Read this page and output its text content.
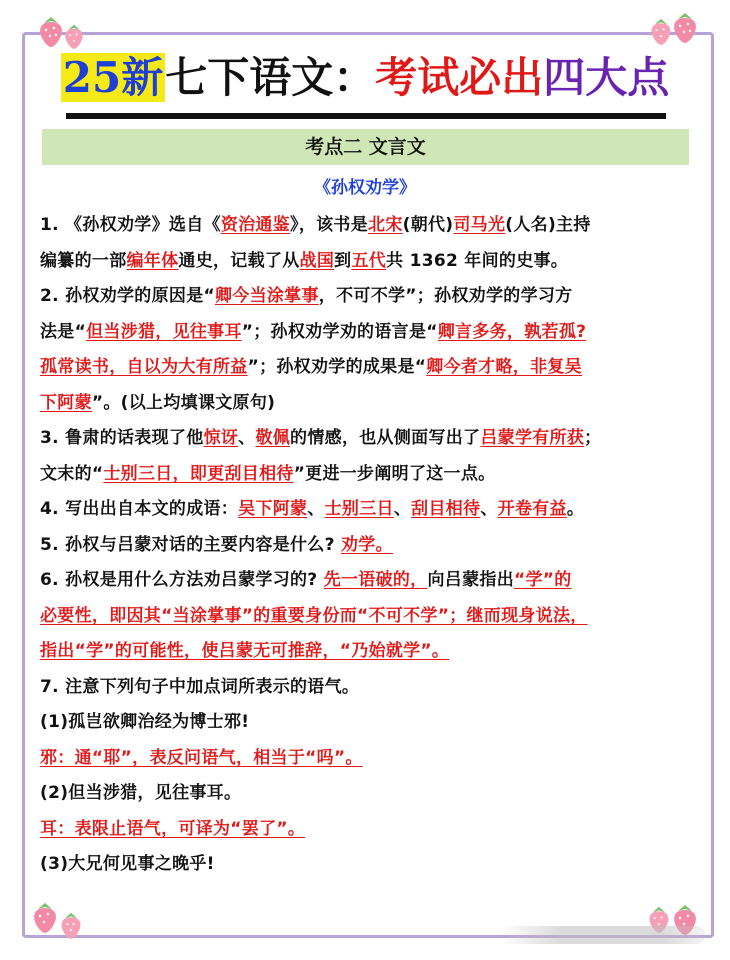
25新七下语文：考试必出四大点
考点二 文言文
《孙权劝学》
1. 《孙权劝学》选自《资治通鉴》，该书是北宋(朝代)司马光(人名)主持
编纂的一部编年体通史，记载了从战国到五代共 1362 年间的史事。
2. 孙权劝学的原因是“卿今当涂掌事，不可不学”；孙权劝学的学习方
法是“但当涉猎，见往事耳”；孙权劝学劝的语言是“卿言多务，孰若孤?
孤常读书，自以为大有所益”；孙权劝学的成果是“卿今者才略，非复吴
下阿蒙”。(以上均填课文原句)
3. 鲁肃的话表现了他惊讶、敬佩的情感，也从侧面写出了吕蒙学有所获；
文末的“士别三日，即更刮目相待”更进一步阐明了这一点。
4. 写出出自本文的成语：吴下阿蒙、士别三日、刮目相待、开卷有益。
5. 孙权与吕蒙对话的主要内容是什么? 劝学。
6. 孙权是用什么方法劝吕蒙学习的? 先一语破的，向吕蒙指出“学”的
必要性，即因其“当涂掌事”的重要身份而“不可不学”；继而现身说法，
指出“学”的可能性，使吕蒙无可推辞，“乃始就学”。
7. 注意下列句子中加点词所表示的语气。
(1)孤岂欲卿治经为博士邪!
邪：通“耶”，表反问语气，相当于“吗”。
(2)但当涉猎，见往事耳。
耳：表限止语气，可译为“罢了”。
(3)大兄何见事之晚乎!
